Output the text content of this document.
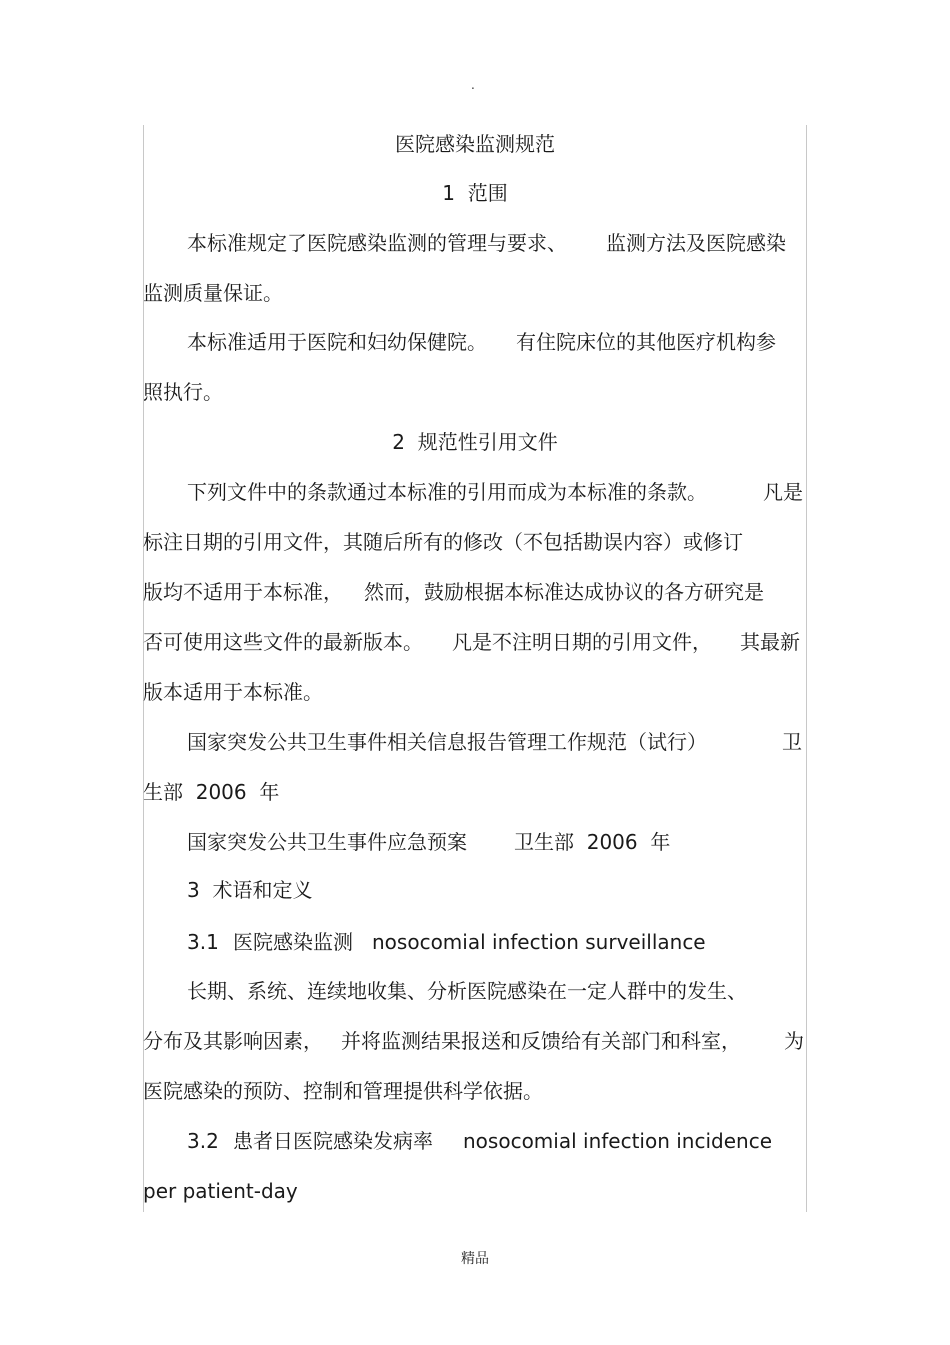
.
医院感染监测规范
1  范围
本标准规定了医院感染监测的管理与要求、 监测方法及医院感染
监测质量保证。
本标准适用于医院和妇幼保健院。 有住院床位的其他医疗机构参
照执行。
2  规范性引用文件
下列文件中的条款通过本标准的引用而成为本标准的条款。	凡是
标注日期的引用文件，其随后所有的修改（不包括勘误内容）或修订
版均不适用于本标准， 然而，鼓励根据本标准达成协议的各方研究是
否可使用这些文件的最新版本。 凡是不注明日期的引用文件， 其最新
版本适用于本标准。
国家突发公共卫生事件相关信息报告管理工作规范（试行）	卫
生部  2006  年
国家突发公共卫生事件应急预案 卫生部  2006  年
3  术语和定义
3.1 医院感染监测 nosocomial infection surveillance
长期、系统、连续地收集、分析医院感染在一定人群中的发生、
分布及其影响因素， 并将监测结果报送和反馈给有关部门和科室， 为
医院感染的预防、控制和管理提供科学依据。
3.2 患者日医院感染发病率 nosocomial infection incidence
per patient-day
精品
